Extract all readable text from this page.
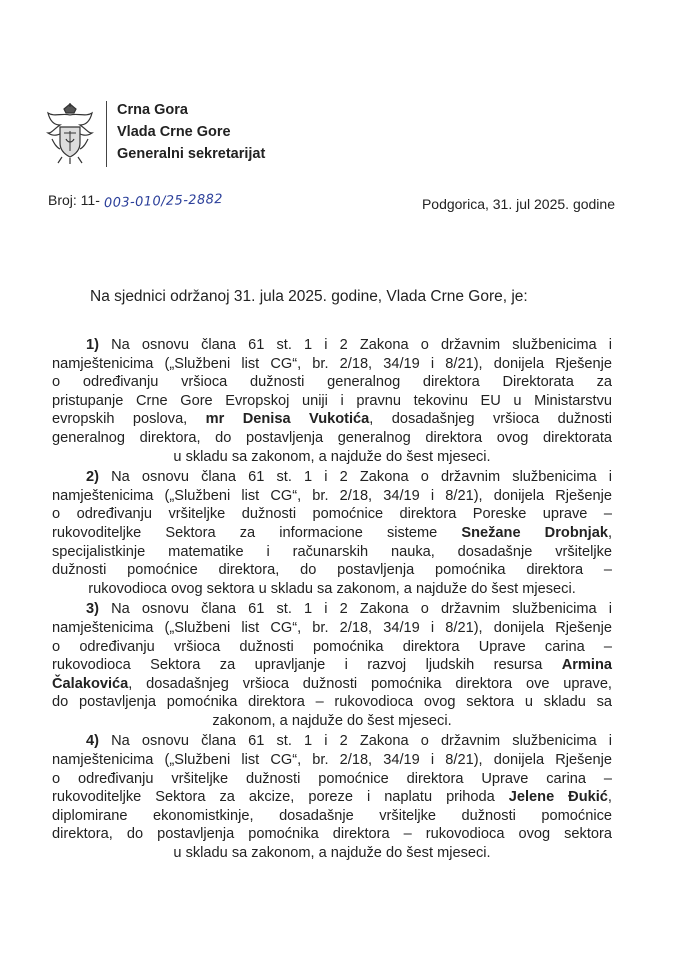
Crna Gora
Vlada Crne Gore
Generalni sekretarijat
Broj: 11- 003-010/25-2882	Podgorica, 31. jul 2025. godine
Na sjednici održanoj 31. jula 2025. godine, Vlada Crne Gore, je:
1) Na osnovu člana 61 st. 1 i 2 Zakona o državnim službenicima i
namještenicima („Službeni list CG“, br. 2/18, 34/19 i 8/21), donijela Rješenje
o određivanju vršioca dužnosti generalnog direktora Direktorata za
pristupanje Crne Gore Evropskoj uniji i pravnu tekovinu EU u Ministarstvu
evropskih poslova, mr Denisa Vukotića, dosadašnjeg vršioca dužnosti
generalnog direktora, do postavljenja generalnog direktora ovog direktorata
u skladu sa zakonom, a najduže do šest mjeseci.
2) Na osnovu člana 61 st. 1 i 2 Zakona o državnim službenicima i
namještenicima („Službeni list CG“, br. 2/18, 34/19 i 8/21), donijela Rješenje
o određivanju vršiteljke dužnosti pomoćnice direktora Poreske uprave –
rukovoditeljke Sektora za informacione sisteme Snežane Drobnjak,
specijalistkinje matematike i računarskih nauka, dosadašnje vršiteljke
dužnosti pomoćnice direktora, do postavljenja pomoćnika direktora –
rukovodioca ovog sektora u skladu sa zakonom, a najduže do šest mjeseci.
3) Na osnovu člana 61 st. 1 i 2 Zakona o državnim službenicima i
namještenicima („Službeni list CG“, br. 2/18, 34/19 i 8/21), donijela Rješenje
o određivanju vršioca dužnosti pomoćnika direktora Uprave carina –
rukovodioca Sektora za upravljanje i razvoj ljudskih resursa Armina
Čalakovića, dosadašnjeg vršioca dužnosti pomoćnika direktora ove uprave,
do postavljenja pomoćnika direktora – rukovodioca ovog sektora u skladu sa
zakonom, a najduže do šest mjeseci.
4) Na osnovu člana 61 st. 1 i 2 Zakona o državnim službenicima i
namještenicima („Službeni list CG“, br. 2/18, 34/19 i 8/21), donijela Rješenje
o određivanju vršiteljke dužnosti pomoćnice direktora Uprave carina –
rukovoditeljke Sektora za akcize, poreze i naplatu prihoda Jelene Đukić,
diplomirane ekonomistkinje, dosadašnje vršiteljke dužnosti pomoćnice
direktora, do postavljenja pomoćnika direktora – rukovodioca ovog sektora
u skladu sa zakonom, a najduže do šest mjeseci.
